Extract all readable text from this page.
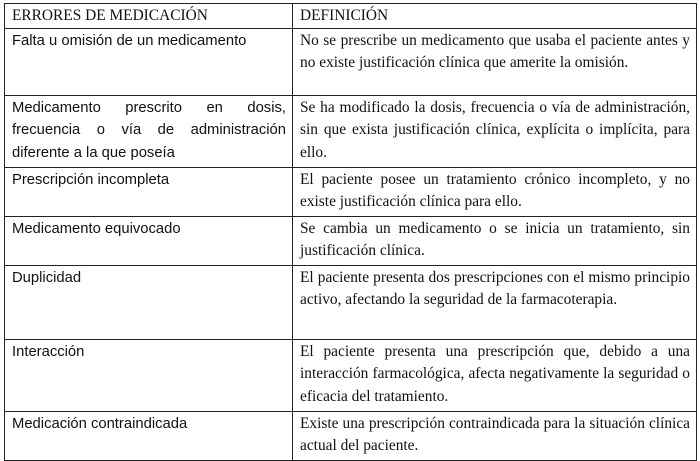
ERRORES DE MEDICACIÓN	DEFINICIÓN
Falta u omisión de un medicamento	No se prescribe un medicamento que usaba el paciente antes y no existe justificación clínica que amerite la omisión.
Medicamento prescrito en dosis, frecuencia o vía de administración diferente a la que poseía	Se ha modificado la dosis, frecuencia o vía de administración, sin que exista justificación clínica, explícita o implícita, para ello.
Prescripción incompleta	El paciente posee un tratamiento crónico incompleto, y no existe justificación clínica para ello.
Medicamento equivocado	Se cambia un medicamento o se inicia un tratamiento, sin justificación clínica.
Duplicidad	El paciente presenta dos prescripciones con el mismo principio activo, afectando la seguridad de la farmacoterapia.
Interacción	El paciente presenta una prescripción que, debido a una interacción farmacológica, afecta negativamente la seguridad o eficacia del tratamiento.
Medicación contraindicada	Existe una prescripción contraindicada para la situación clínica actual del paciente.
